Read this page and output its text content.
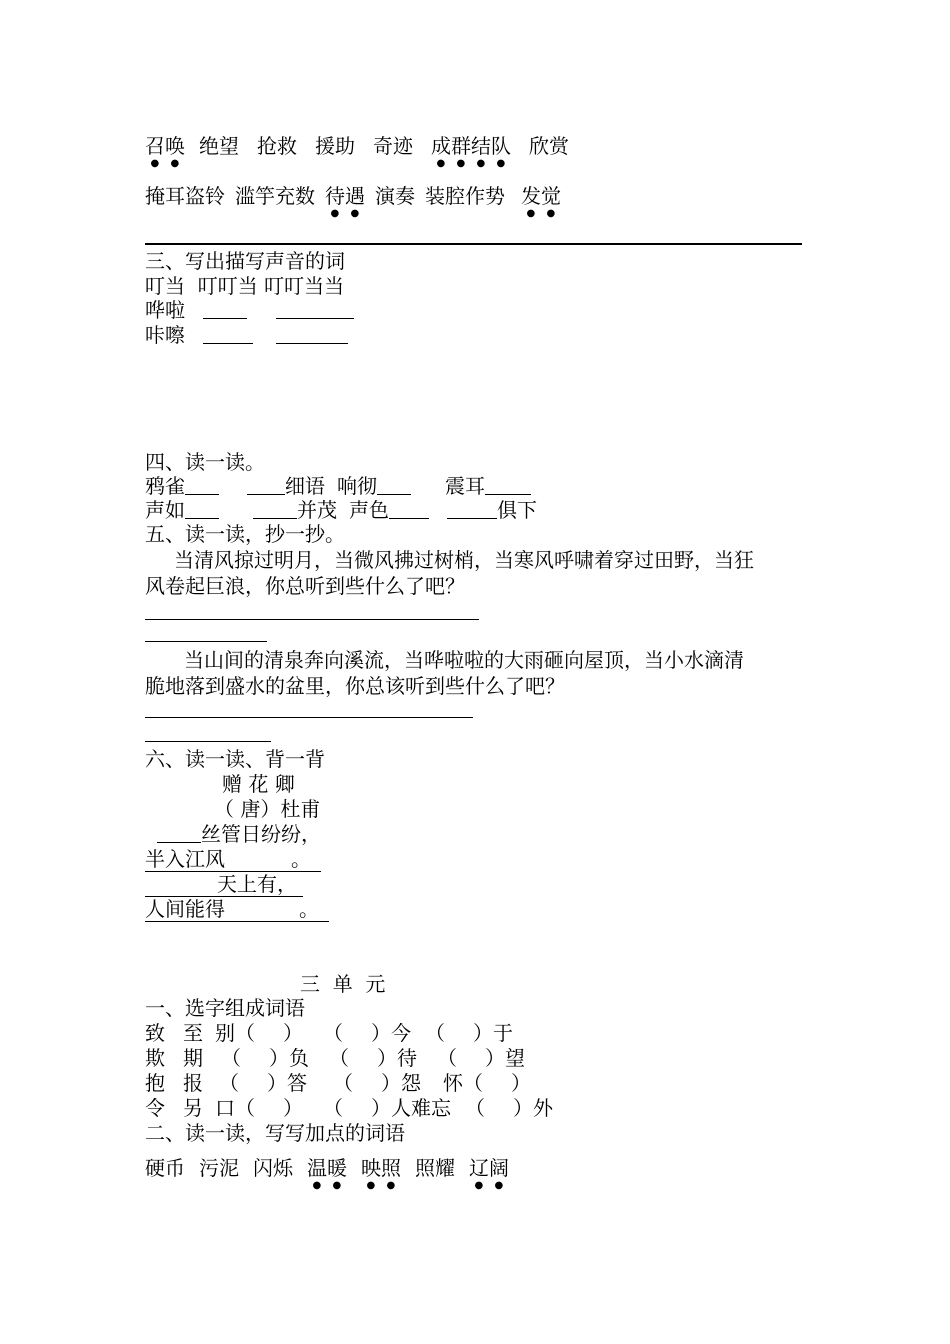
召唤 绝望 抢救 援助 奇迹 成群结队 欣赏
掩耳盗铃 滥竽充数 待遇 演奏 装腔作势 发觉
三、写出描写声音的词
叮当  叮叮当 叮叮当当
哗啦
咔嚓
四、读一读。
鸦雀	细语 响彻	震耳
声如	并茂 声色	俱下
五、读一读，抄一抄。
当清风掠过明月，当微风拂过树梢，当寒风呼啸着穿过田野，当狂
风卷起巨浪，你总听到些什么了吧？
当山间的清泉奔向溪流，当哗啦啦的大雨砸向屋顶，当小水滴清
脆地落到盛水的盆里，你总该听到些什么了吧？
六、读一读、背一背
赠 花 卿
（ 唐）杜甫
丝管日纷纷，
半入江风	。
天上有，
人间能得	。
三  单  元
一、选字组成词语
致 至 别（ ） （ ）今 （ ）于
欺 期 （ ）负 （ ）待 （ ）望
抱 报 （ ）答 （ ）怨 怀（ ）
令 另 口（ ） （ ）人难忘 （ ）外
二、读一读，写写加点的词语
硬币 污泥 闪烁 温暖 映照 照耀 辽阔
